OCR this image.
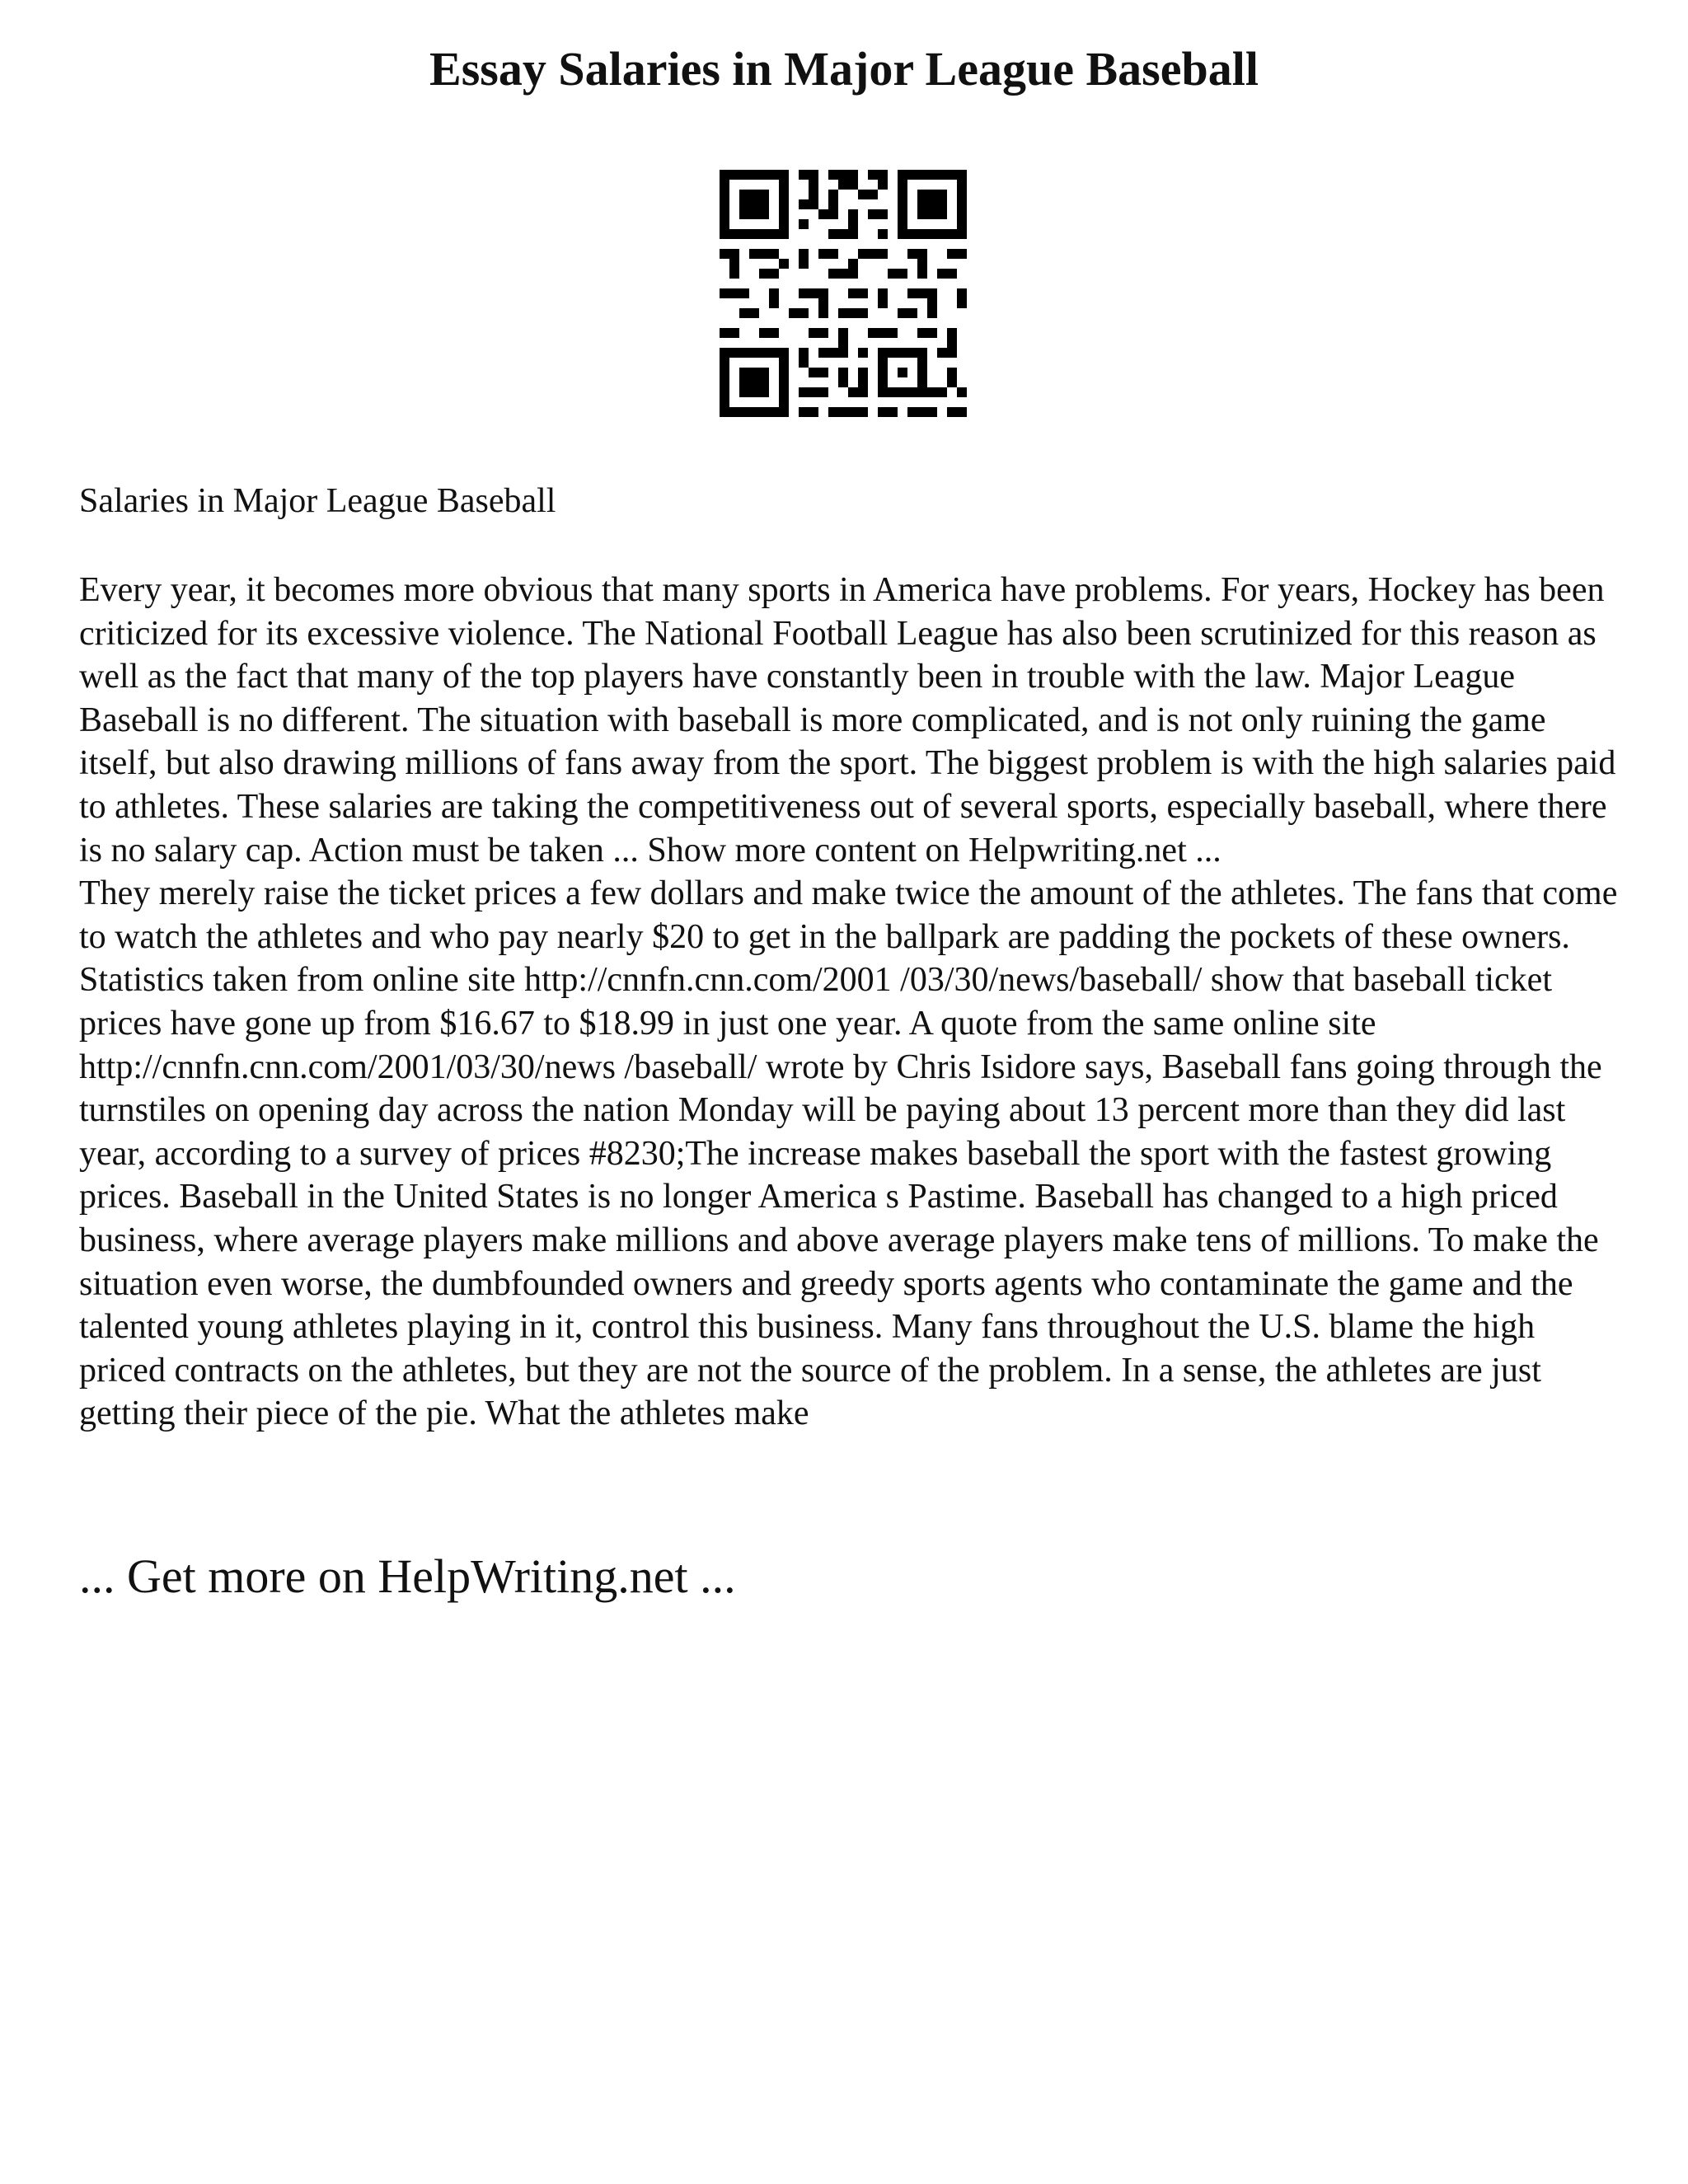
Essay Salaries in Major League Baseball

Salaries in Major League Baseball

Every year, it becomes more obvious that many sports in America have problems. For years, Hockey has been criticized for its excessive violence. The National Football League has also been scrutinized for this reason as well as the fact that many of the top players have constantly been in trouble with the law. Major League Baseball is no different. The situation with baseball is more complicated, and is not only ruining the game itself, but also drawing millions of fans away from the sport. The biggest problem is with the high salaries paid to athletes. These salaries are taking the competitiveness out of several sports, especially baseball, where there is no salary cap. Action must be taken ... Show more content on Helpwriting.net ...

They merely raise the ticket prices a few dollars and make twice the amount of the athletes. The fans that come to watch the athletes and who pay nearly $20 to get in the ballpark are padding the pockets of these owners. Statistics taken from online site http://cnnfn.cnn.com/2001 /03/30/news/baseball/ show that baseball ticket prices have gone up from $16.67 to $18.99 in just one year. A quote from the same online site http://cnnfn.cnn.com/2001/03/30/news /baseball/ wrote by Chris Isidore says, Baseball fans going through the turnstiles on opening day across the nation Monday will be paying about 13 percent more than they did last year, according to a survey of prices #8230;The increase makes baseball the sport with the fastest growing prices. Baseball in the United States is no longer America s Pastime. Baseball has changed to a high priced business, where average players make millions and above average players make tens of millions. To make the situation even worse, the dumbfounded owners and greedy sports agents who contaminate the game and the talented young athletes playing in it, control this business. Many fans throughout the U.S. blame the high priced contracts on the athletes, but they are not the source of the problem. In a sense, the athletes are just getting their piece of the pie. What the athletes make

... Get more on HelpWriting.net ...
